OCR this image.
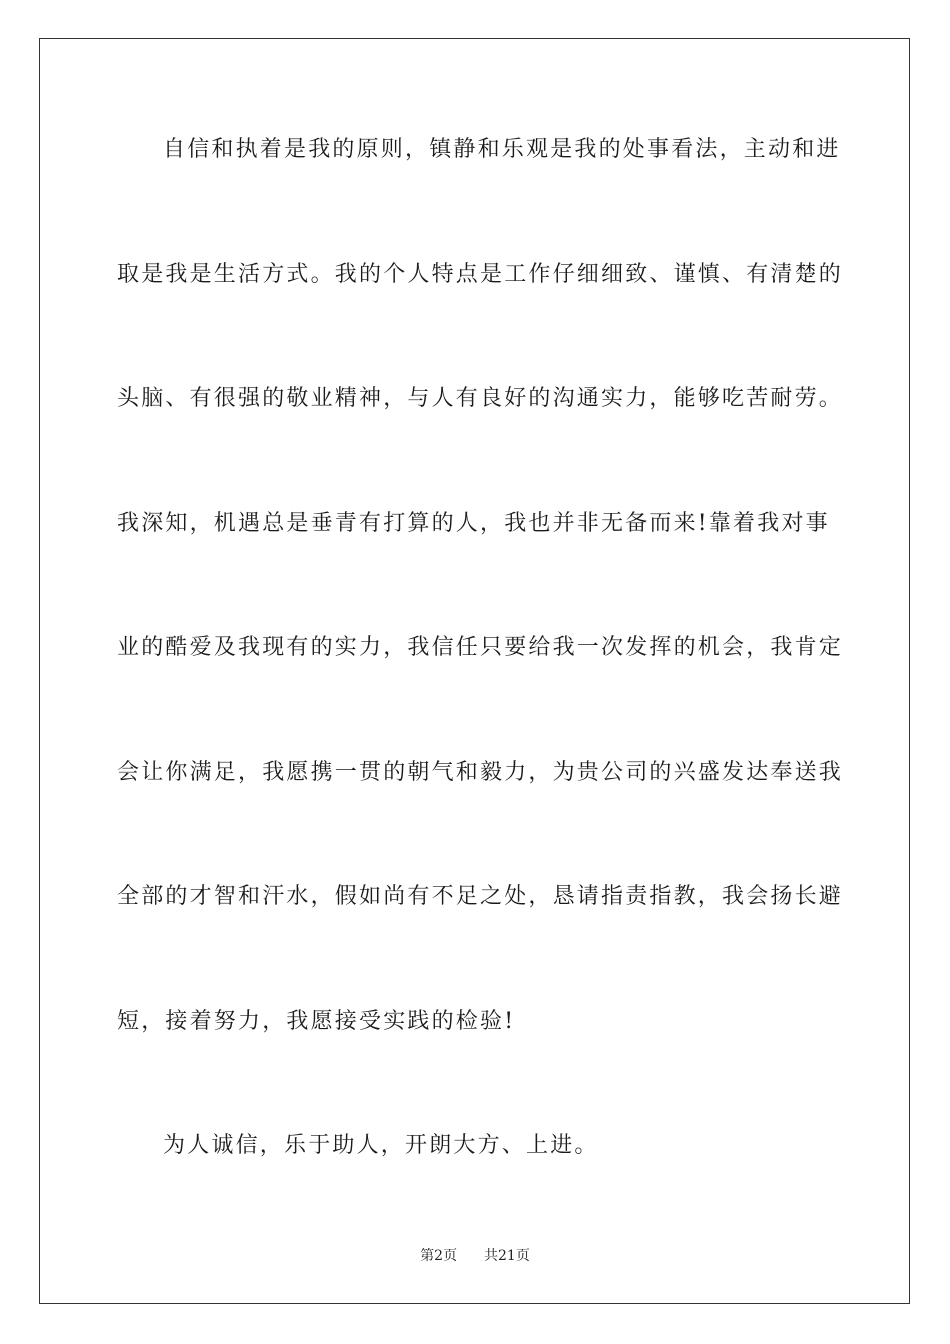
自信和执着是我的原则，镇静和乐观是我的处事看法，主动和进
取是我是生活方式。我的个人特点是工作仔细细致、谨慎、有清楚的
头脑、有很强的敬业精神，与人有良好的沟通实力，能够吃苦耐劳。
我深知，机遇总是垂青有打算的人，我也并非无备而来!靠着我对事
业的酷爱及我现有的实力，我信任只要给我一次发挥的机会，我肯定
会让你满足，我愿携一贯的朝气和毅力，为贵公司的兴盛发达奉送我
全部的才智和汗水，假如尚有不足之处，恳请指责指教，我会扬长避
短，接着努力，我愿接受实践的检验!
为人诚信，乐于助人，开朗大方、上进。
第2页 共21页
